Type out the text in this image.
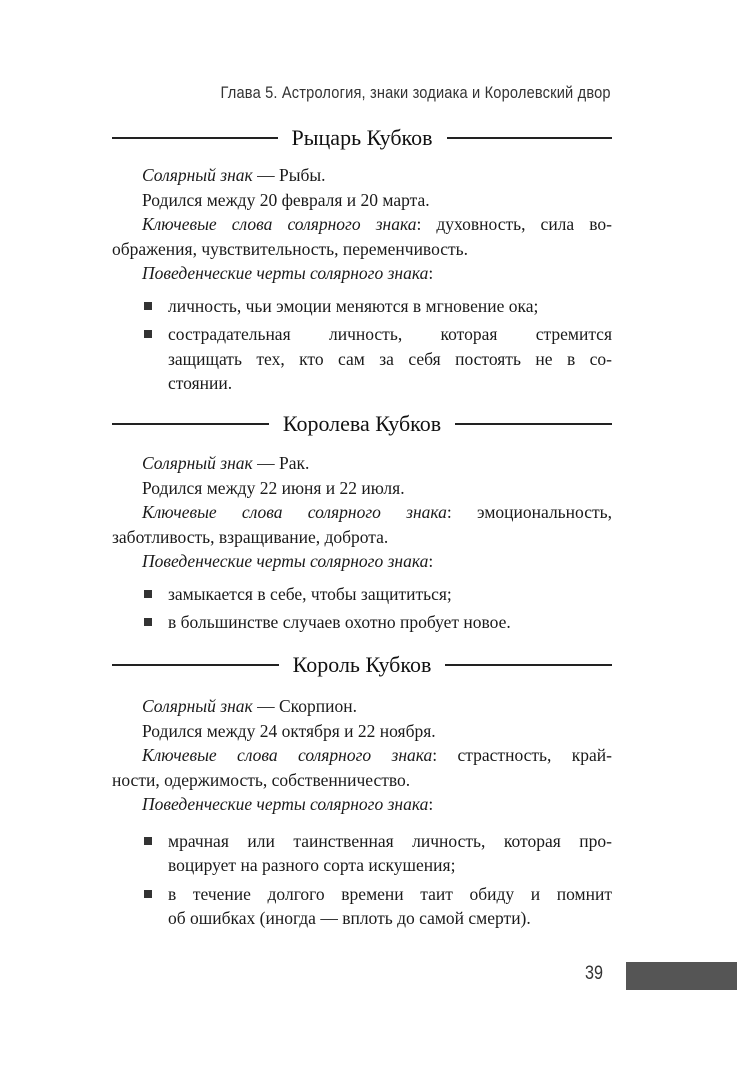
Глава 5. Астрология, знаки зодиака и Королевский двор
Рыцарь Кубков
Солярный знак — Рыбы.
Родился между 20 февраля и 20 марта.
Ключевые слова солярного знака: духовность, сила во-
ображения, чувствительность, переменчивость.
Поведенческие черты солярного знака:
личность, чьи эмоции меняются в мгновение ока;
сострадательная личность, которая стремится
защищать тех, кто сам за себя постоять не в со-
стоянии.
Королева Кубков
Солярный знак — Рак.
Родился между 22 июня и 22 июля.
Ключевые слова солярного знака: эмоциональность,
заботливость, взращивание, доброта.
Поведенческие черты солярного знака:
замыкается в себе, чтобы защититься;
в большинстве случаев охотно пробует новое.
Король Кубков
Солярный знак — Скорпион.
Родился между 24 октября и 22 ноября.
Ключевые слова солярного знака: страстность, край-
ности, одержимость, собственничество.
Поведенческие черты солярного знака:
мрачная или таинственная личность, которая про-
воцирует на разного сорта искушения;
в течение долгого времени таит обиду и помнит
об ошибках (иногда — вплоть до самой смерти).
39
